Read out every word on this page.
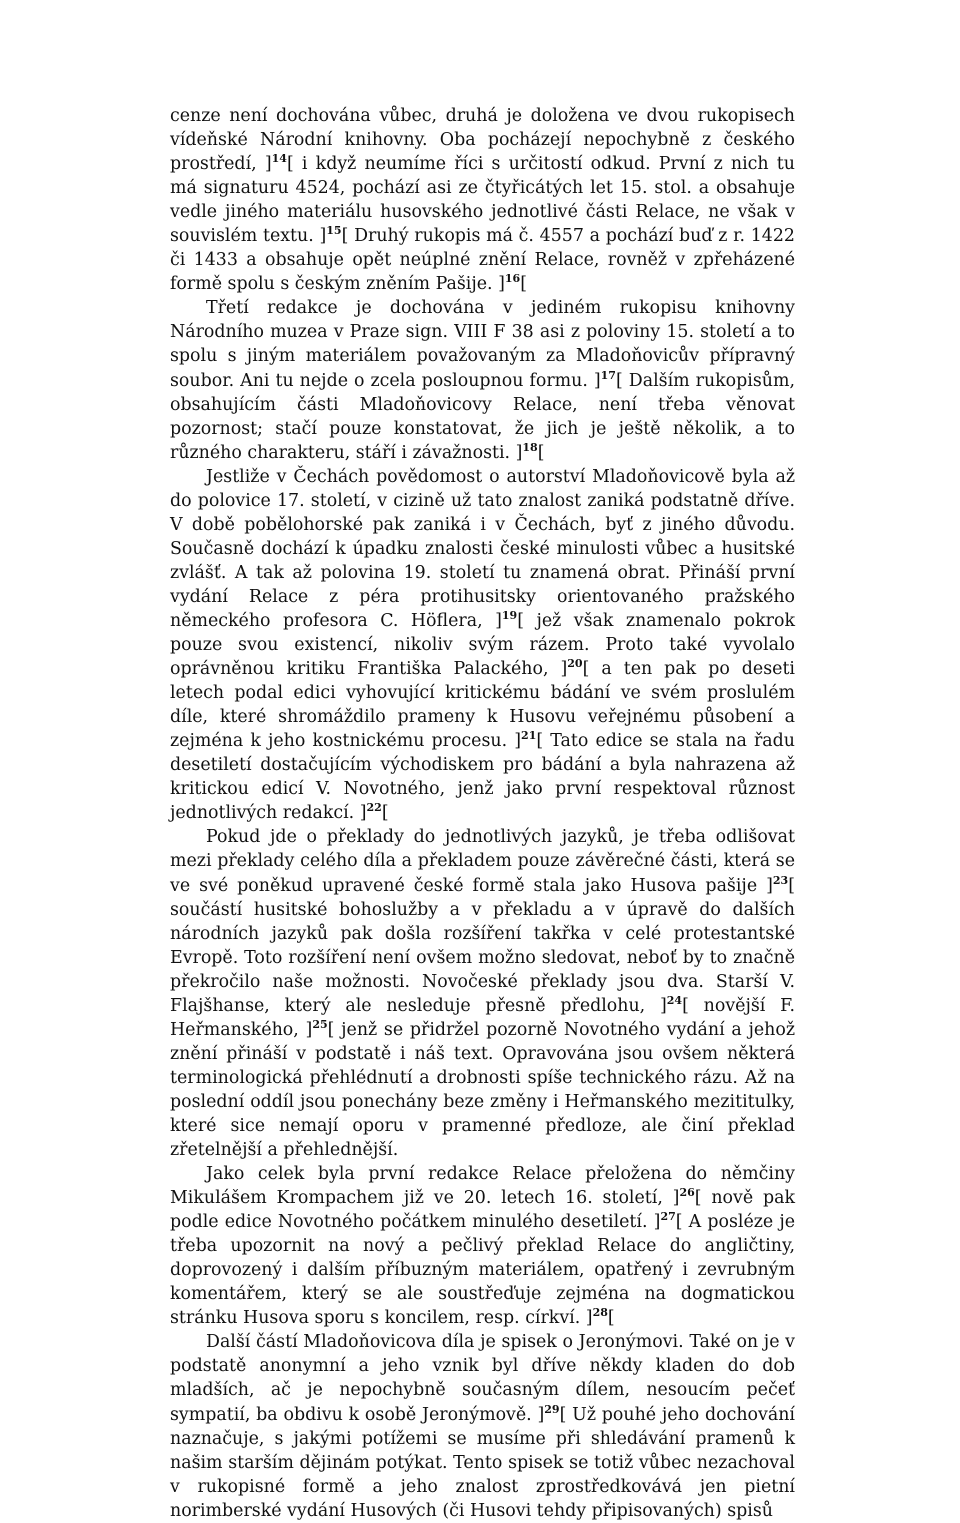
cenze není dochována vůbec, druhá je doložena ve dvou rukopisech vídeňské Národní knihovny. Oba pocházejí nepochybně z českého prostředí, ]$^{14}$[ i když neumíme říci s určitostí odkud. První z nich tu má signaturu 4524, pochází asi ze čtyřicátých let 15. stol. a obsahuje vedle jiného materiálu husovského jednotlivé části Relace, ne však v souvislém textu. ]$^{15}$[ Druhý rukopis má č. 4557 a pochází buď z r. 1422 či 1433 a obsahuje opět neúplné znění Relace, rovněž v zpřeházené formě spolu s českým zněním Pašije. ]$^{16}$[

Třetí redakce je dochována v jediném rukopisu knihovny Národního muzea v Praze sign. VIII F 38 asi z poloviny 15. století a to spolu s jiným materiálem považovaným za Mladoňovicův přípravný soubor. Ani tu nejde o zcela posloupnou formu. ]$^{17}$[ Dalším rukopisům, obsahujícím části Mladoňovicovy Relace, není třeba věnovat pozornost; stačí pouze konstatovat, že jich je ještě několik, a to různého charakteru, stáří i závažnosti. ]$^{18}$[

Jestliže v Čechách povědomost o autorství Mladoňovicově byla až do polovice 17. století, v cizině už tato znalost zaniká podstatně dříve. V době pobělohorské pak zaniká i v Čechách, byť z jiného důvodu. Současně dochází k úpadku znalosti české minulosti vůbec a husitské zvlášť. A tak až polovina 19. století tu znamená obrat. Přináší první vydání Relace z péra protihusitsky orientovaného pražského německého profesora C. Höflera, ]$^{19}$[ jež však znamenalo pokrok pouze svou existencí, nikoliv svým rázem. Proto také vyvolalo oprávněnou kritiku Františka Palackého, ]$^{20}$[ a ten pak po deseti letech podal edici vyhovující kritickému bádání ve svém proslulém díle, které shromáždilo prameny k Husovu veřejnému působení a zejména k jeho kostnickému procesu. ]$^{21}$[ Tato edice se stala na řadu desetiletí dostačujícím východiskem pro bádání a byla nahrazena až kritickou edicí V. Novotného, jenž jako první respektoval různost jednotlivých redakcí. ]$^{22}$[

Pokud jde o překlady do jednotlivých jazyků, je třeba odlišovat mezi překlady celého díla a překladem pouze závěrečné části, která se ve své poněkud upravené české formě stala jako Husova pašije ]$^{23}$[ součástí husitské bohoslužby a v překladu a v úpravě do dalších národních jazyků pak došla rozšíření takřka v celé protestantské Evropě. Toto rozšíření není ovšem možno sledovat, neboť by to značně překročilo naše možnosti. Novočeské překlady jsou dva. Starší V. Flajšhanse, který ale nesleduje přesně předlohu, ]$^{24}$[ novější F. Heřmanského, ]$^{25}$[ jenž se přidržel pozorně Novotného vydání a jehož znění přináší v podstatě i náš text. Opravována jsou ovšem některá terminologická přehlédnutí a drobnosti spíše technického rázu. Až na poslední oddíl jsou ponechány beze změny i Heřmanského mezititulky, které sice nemají oporu v pramenné předloze, ale činí překlad zřetelnější a přehlednější.

Jako celek byla první redakce Relace přeložena do němčiny Mikulášem Krompachem již ve 20. letech 16. století, ]$^{26}$[ nově pak podle edice Novotného počátkem minulého desetiletí. ]$^{27}$[ A posléze je třeba upozornit na nový a pečlivý překlad Relace do angličtiny, doprovozený i dalším příbuzným materiálem, opatřený i zevrubným komentářem, který se ale soustřeďuje zejména na dogmatickou stránku Husova sporu s koncilem, resp. církví. ]$^{28}$[

Další částí Mladoňovicova díla je spisek o Jeronýmovi. Také on je v podstatě anonymní a jeho vznik byl dříve někdy kladen do dob mladších, ač je nepochybně současným dílem, nesoucím pečeť sympatií, ba obdivu k osobě Jeronýmově. ]$^{29}$[ Už pouhé jeho dochování naznačuje, s jakými potížemi se musíme při shledávání pramenů k našim starším dějinám potýkat. Tento spisek se totiž vůbec nezachoval v rukopisné formě a jeho znalost zprostředkovává jen pietní norimberské vydání Husových (či Husovi tehdy připisovaných) spisů
